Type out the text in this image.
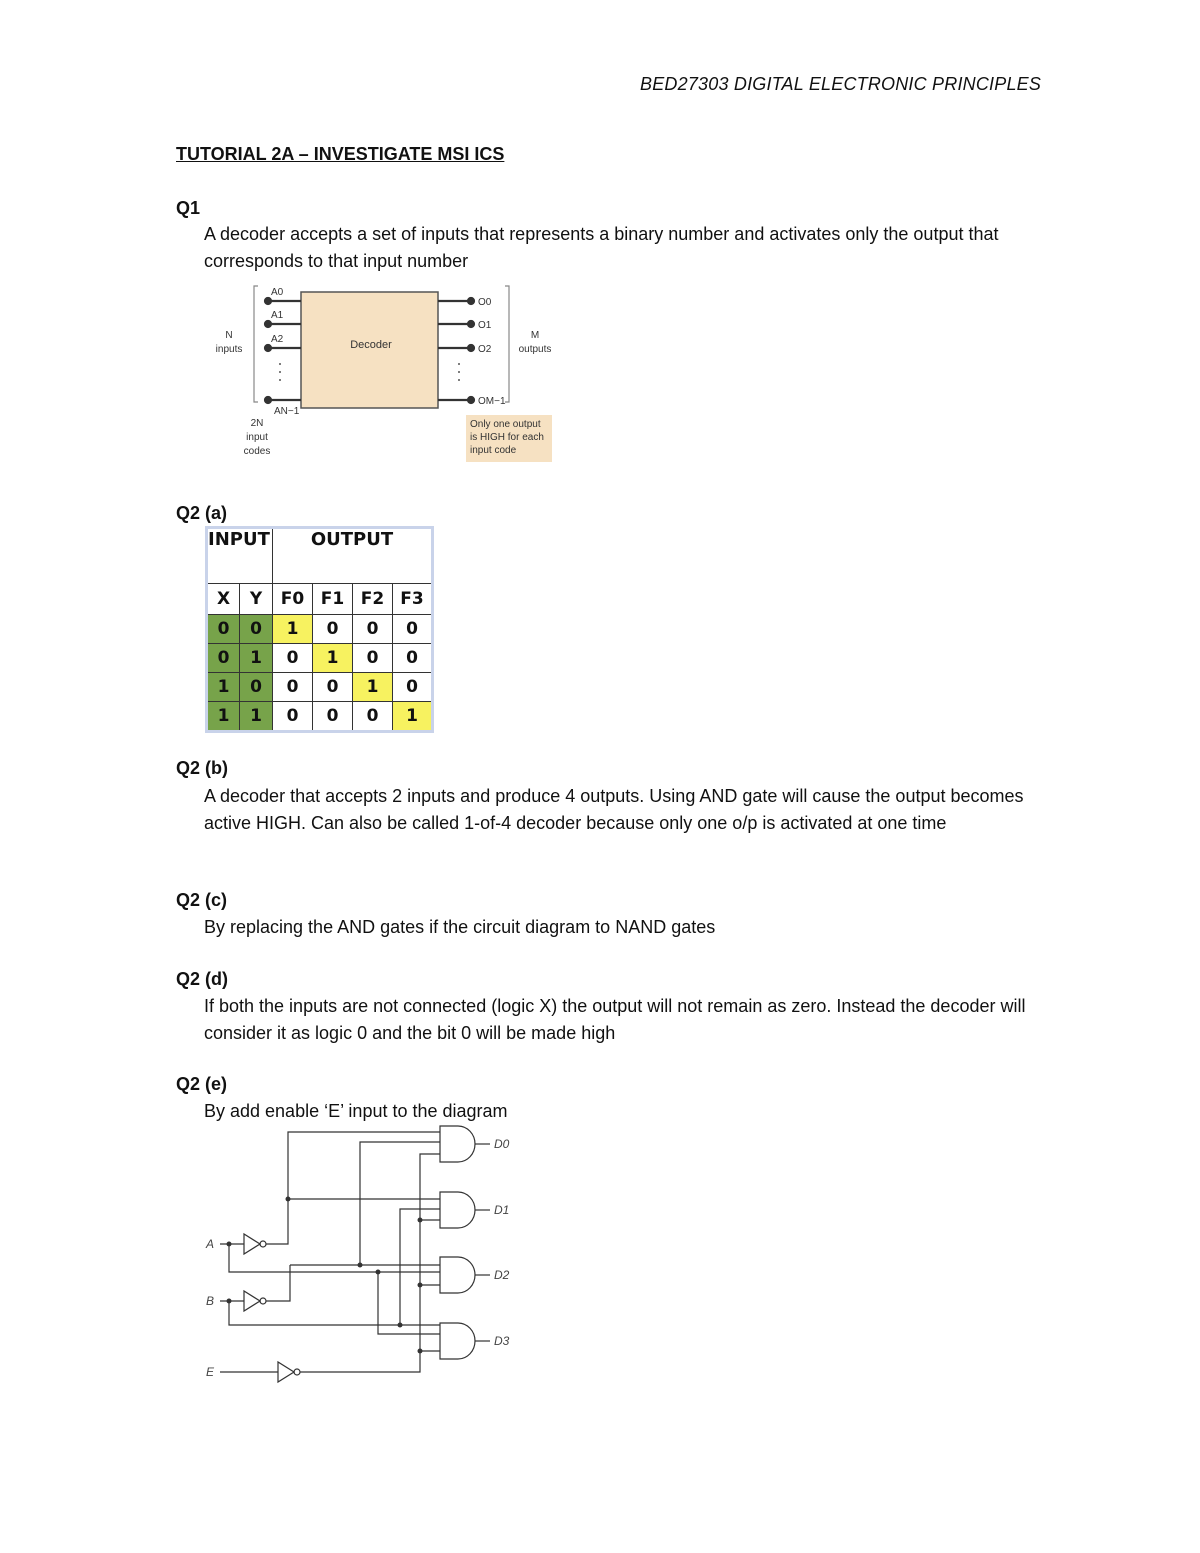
BED27303 DIGITAL ELECTRONIC PRINCIPLES
TUTORIAL 2A – INVESTIGATE MSI ICS
Q1
A decoder accepts a set of inputs that represents a binary number and activates only the output that corresponds to that input number
Decoder
A0
A1
A2
AN−1
O0
O1
O2
OM−1
N
inputs
M
outputs
2N
input
codes
Only one output
is HIGH for each
input code
Q2 (a)
INPUT		OUTPUT			
X	Y	F0	F1	F2	F3
0	0	1	0	0	0
0	1	0	1	0	0
1	0	0	0	1	0
1	1	0	0	0	1
Q2 (b)
A decoder that accepts 2 inputs and produce 4 outputs. Using AND gate will cause the output becomes active HIGH. Can also be called 1-of-4 decoder because only one o/p is activated at one time
Q2 (c)
By replacing the AND gates if the circuit diagram to NAND gates
Q2 (d)
If both the inputs are not connected (logic X) the output will not remain as zero. Instead the decoder will consider it as logic 0 and the bit 0 will be made high
Q2 (e)
By add enable ‘E’ input to the diagram
A
B
E
D0
D1
D2
D3
